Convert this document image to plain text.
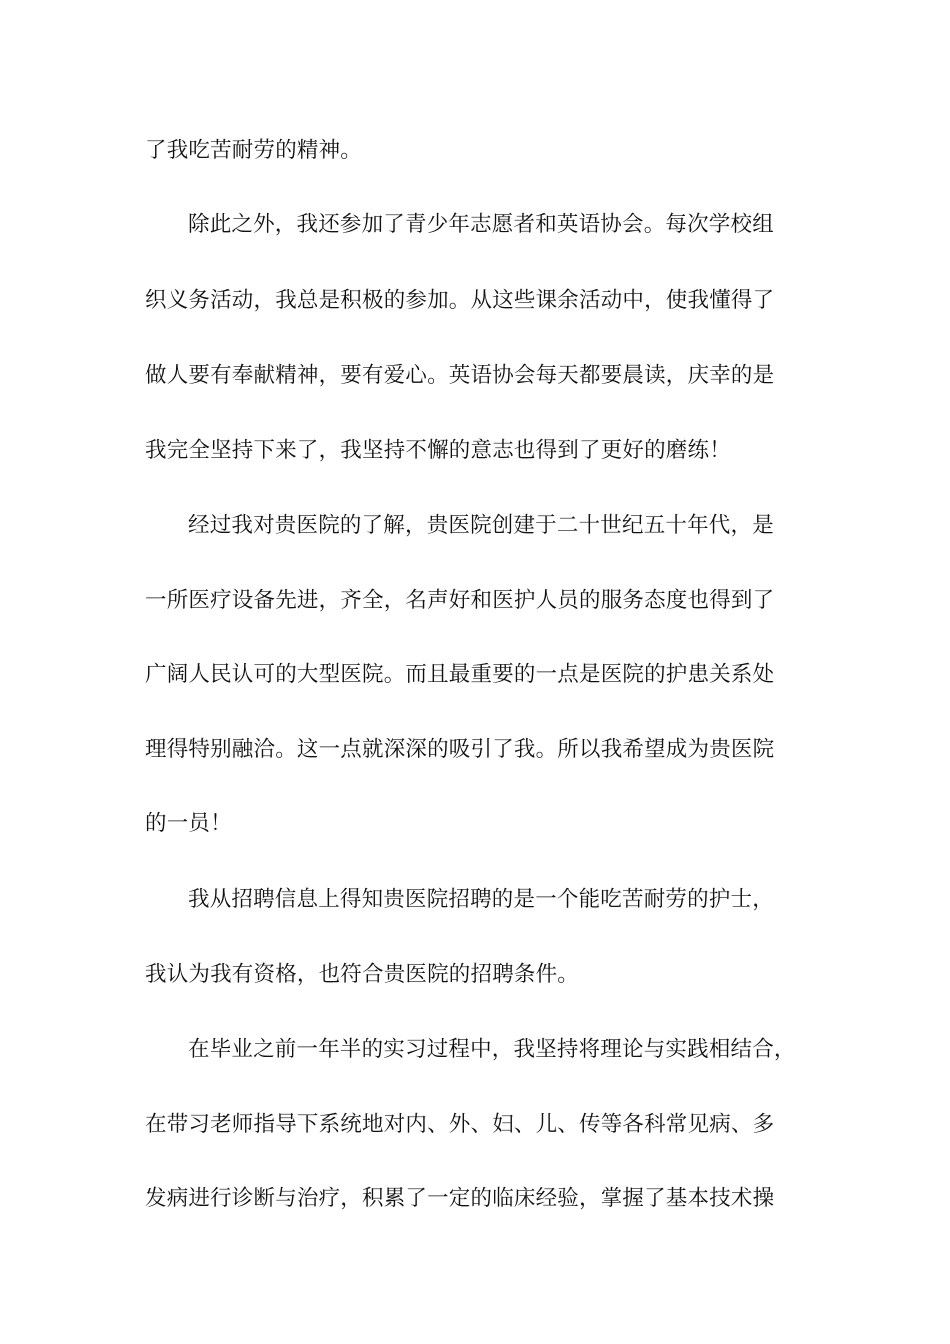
了我吃苦耐劳的精神。
除此之外，我还参加了青少年志愿者和英语协会。每次学校组
织义务活动，我总是积极的参加。从这些课余活动中，使我懂得了
做人要有奉献精神，要有爱心。英语协会每天都要晨读，庆幸的是
我完全坚持下来了，我坚持不懈的意志也得到了更好的磨练！
经过我对贵医院的了解，贵医院创建于二十世纪五十年代，是
一所医疗设备先进，齐全，名声好和医护人员的服务态度也得到了
广阔人民认可的大型医院。而且最重要的一点是医院的护患关系处
理得特别融洽。这一点就深深的吸引了我。所以我希望成为贵医院
的一员！
我从招聘信息上得知贵医院招聘的是一个能吃苦耐劳的护士，
我认为我有资格，也符合贵医院的招聘条件。
在毕业之前一年半的实习过程中，我坚持将理论与实践相结合，
在带习老师指导下系统地对内、外、妇、儿、传等各科常见病、多
发病进行诊断与治疗，积累了一定的临床经验，掌握了基本技术操
